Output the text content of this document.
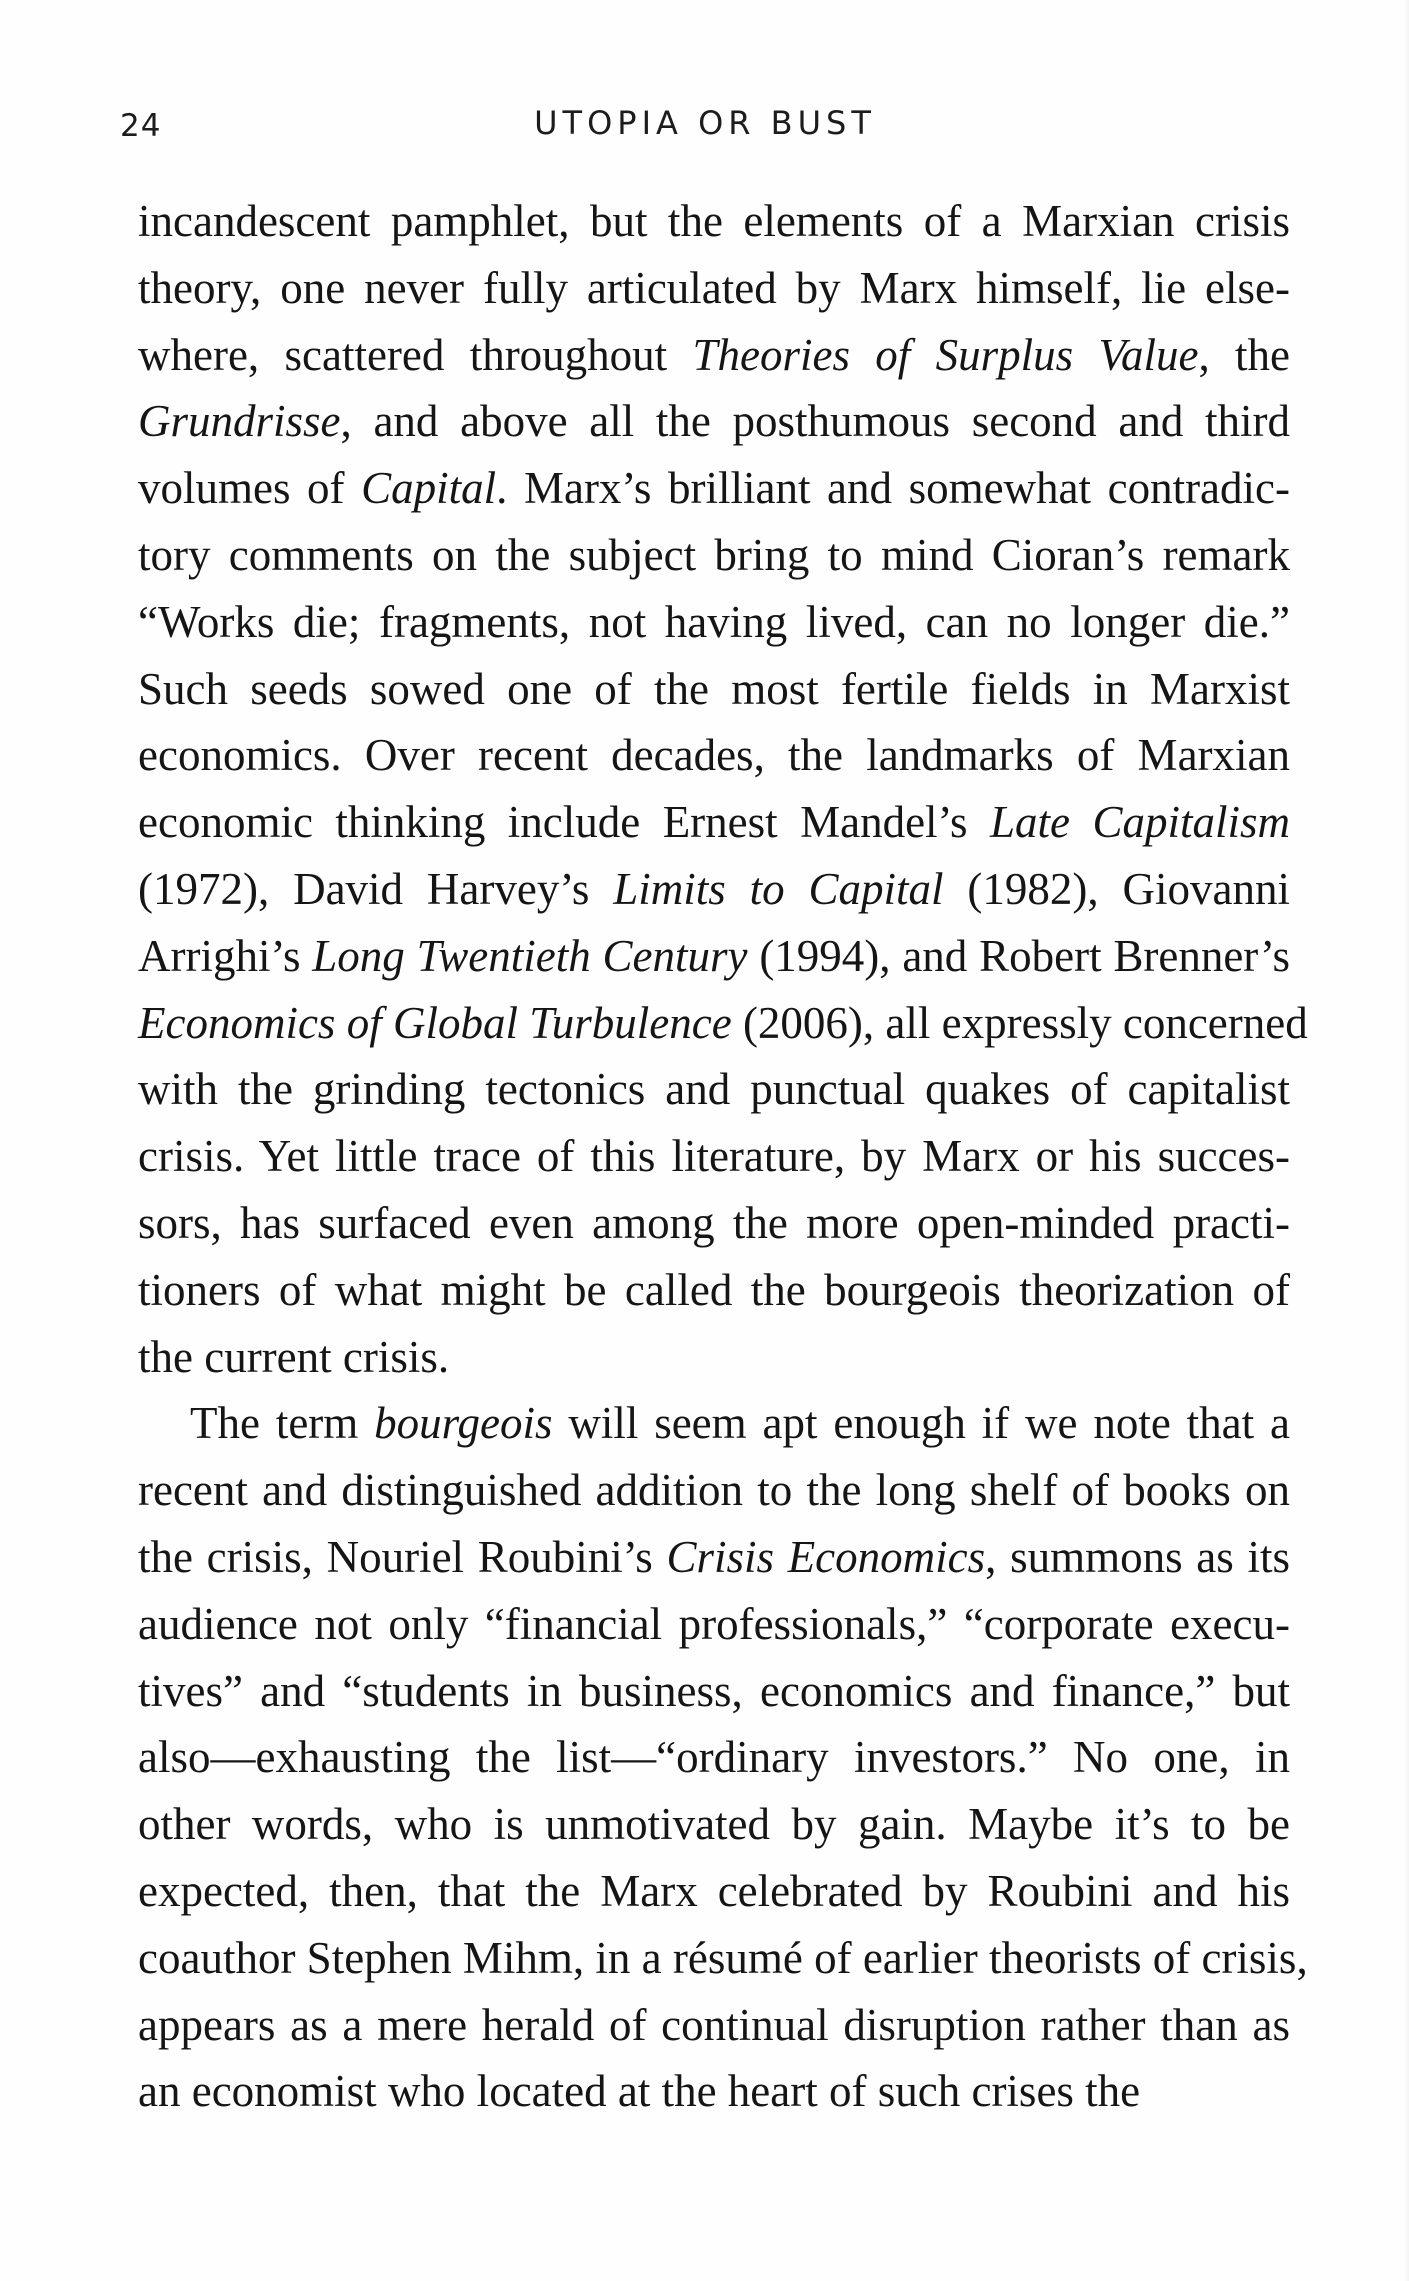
24	UTOPIA OR BUST
incandescent pamphlet, but the elements of a Marxian crisis
theory, one never fully articulated by Marx himself, lie else-
where, scattered throughout Theories of Surplus Value, the
Grundrisse, and above all the posthumous second and third
volumes of Capital. Marx’s brilliant and somewhat contradic-
tory comments on the subject bring to mind Cioran’s remark
“Works die; fragments, not having lived, can no longer die.”
Such seeds sowed one of the most fertile fields in Marxist
economics. Over recent decades, the landmarks of Marxian
economic thinking include Ernest Mandel’s Late Capitalism
(1972), David Harvey’s Limits to Capital (1982), Giovanni
Arrighi’s Long Twentieth Century (1994), and Robert Brenner’s
Economics of Global Turbulence (2006), all expressly concerned
with the grinding tectonics and punctual quakes of capitalist
crisis. Yet little trace of this literature, by Marx or his succes-
sors, has surfaced even among the more open-minded practi-
tioners of what might be called the bourgeois theorization of
the current crisis.
The term bourgeois will seem apt enough if we note that a
recent and distinguished addition to the long shelf of books on
the crisis, Nouriel Roubini’s Crisis Economics, summons as its
audience not only “financial professionals,” “corporate execu-
tives” and “students in business, economics and finance,” but
also—exhausting the list—“ordinary investors.” No one, in
other words, who is unmotivated by gain. Maybe it’s to be
expected, then, that the Marx celebrated by Roubini and his
coauthor Stephen Mihm, in a résumé of earlier theorists of crisis,
appears as a mere herald of continual disruption rather than as
an economist who located at the heart of such crises the
